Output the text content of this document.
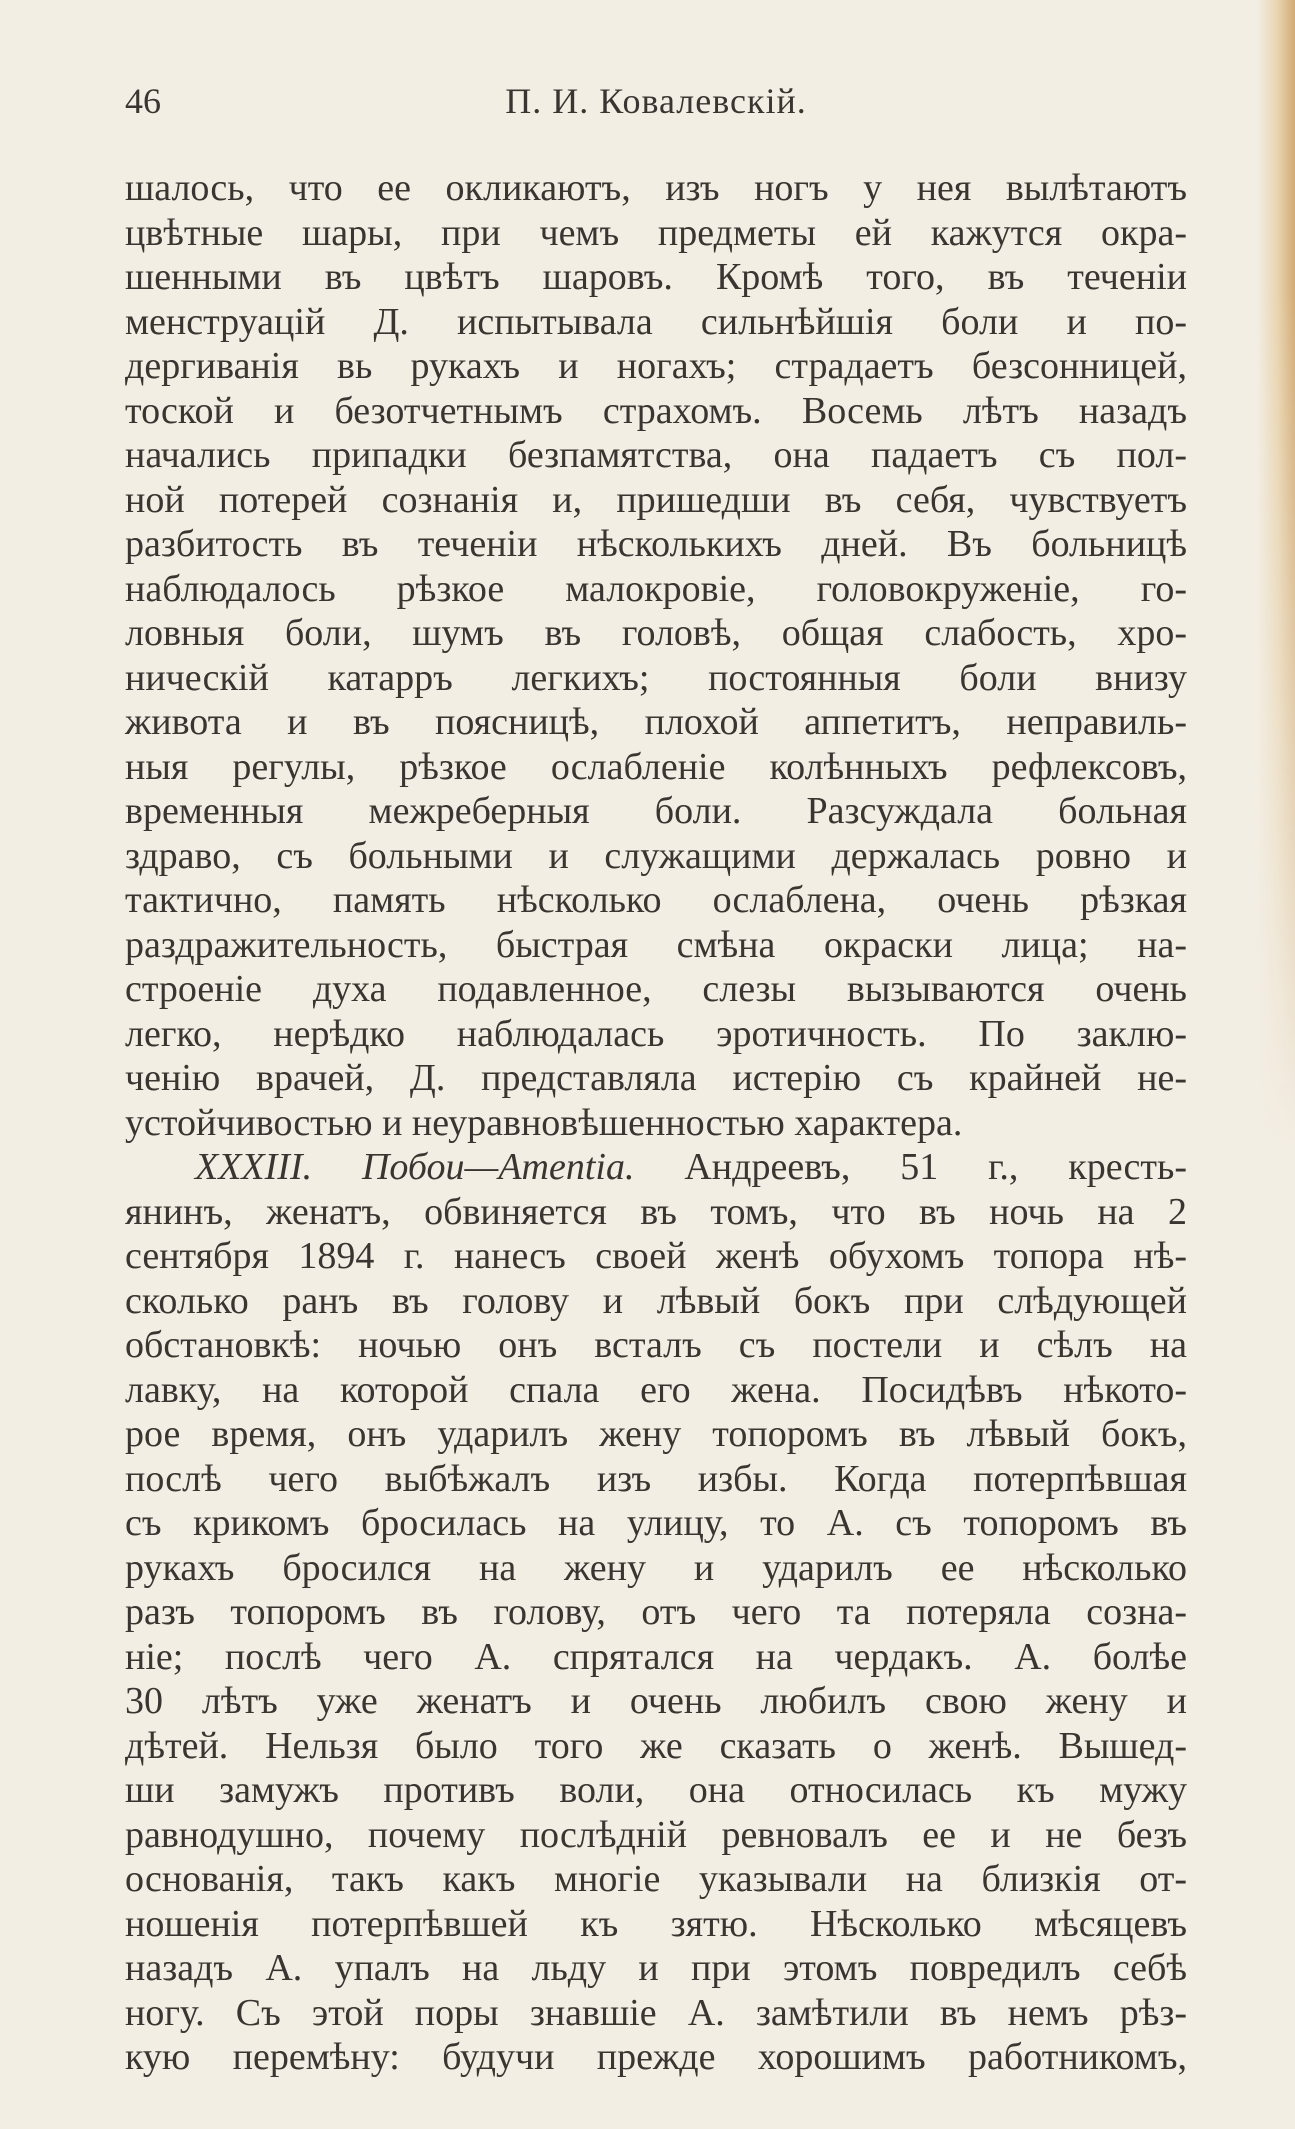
46	П. И. Ковалевскій.
шалось, что ее окликаютъ, изъ ногъ у нея вылѣтаютъ
цвѣтные шары, при чемъ предметы ей кажутся окра-
шенными въ цвѣтъ шаровъ. Кромѣ того, въ теченіи
менструацій Д. испытывала сильнѣйшія боли и по-
дергиванія вь рукахъ и ногахъ; страдаетъ безсонницей,
тоской и безотчетнымъ страхомъ. Восемь лѣтъ назадъ
начались припадки безпамятства, она падаетъ съ пол-
ной потерей сознанія и, пришедши въ себя, чувствуетъ
разбитость въ теченіи нѣсколькихъ дней. Въ больницѣ
наблюдалось рѣзкое малокровіе, головокруженіе, го-
ловныя боли, шумъ въ головѣ, общая слабость, хро-
ническій катарръ легкихъ; постоянныя боли внизу
живота и въ поясницѣ, плохой аппетитъ, неправиль-
ныя регулы, рѣзкое ослабленіе колѣнныхъ рефлексовъ,
временныя межреберныя боли. Разсуждала больная
здраво, съ больными и служащими держалась ровно и
тактично, память нѣсколько ослаблена, очень рѣзкая
раздражительность, быстрая смѣна окраски лица; на-
строеніе духа подавленное, слезы вызываются очень
легко, нерѣдко наблюдалась эротичность. По заклю-
ченію врачей, Д. представляла истерію съ крайней не-
устойчивостью и неуравновѣшенностью характера.
XXXIII. Побои—Amentia. Андреевъ, 51 г., кресть-
янинъ, женатъ, обвиняется въ томъ, что въ ночь на 2
сентября 1894 г. нанесъ своей женѣ обухомъ топора нѣ-
сколько ранъ въ голову и лѣвый бокъ при слѣдующей
обстановкѣ: ночью онъ всталъ съ постели и сѣлъ на
лавку, на которой спала его жена. Посидѣвъ нѣкото-
рое время, онъ ударилъ жену топоромъ въ лѣвый бокъ,
послѣ чего выбѣжалъ изъ избы. Когда потерпѣвшая
съ крикомъ бросилась на улицу, то А. съ топоромъ въ
рукахъ бросился на жену и ударилъ ее нѣсколько
разъ топоромъ въ голову, отъ чего та потеряла созна-
ніе; послѣ чего А. спрятался на чердакъ. А. болѣе
30 лѣтъ уже женатъ и очень любилъ свою жену и
дѣтей. Нельзя было того же сказать о женѣ. Вышед-
ши замужъ противъ воли, она относилась къ мужу
равнодушно, почему послѣдній ревновалъ ее и не безъ
основанія, такъ какъ многіе указывали на близкія от-
ношенія потерпѣвшей къ зятю. Нѣсколько мѣсяцевъ
назадъ А. упалъ на льду и при этомъ повредилъ себѣ
ногу. Съ этой поры знавшіе А. замѣтили въ немъ рѣз-
кую перемѣну: будучи прежде хорошимъ работникомъ,
